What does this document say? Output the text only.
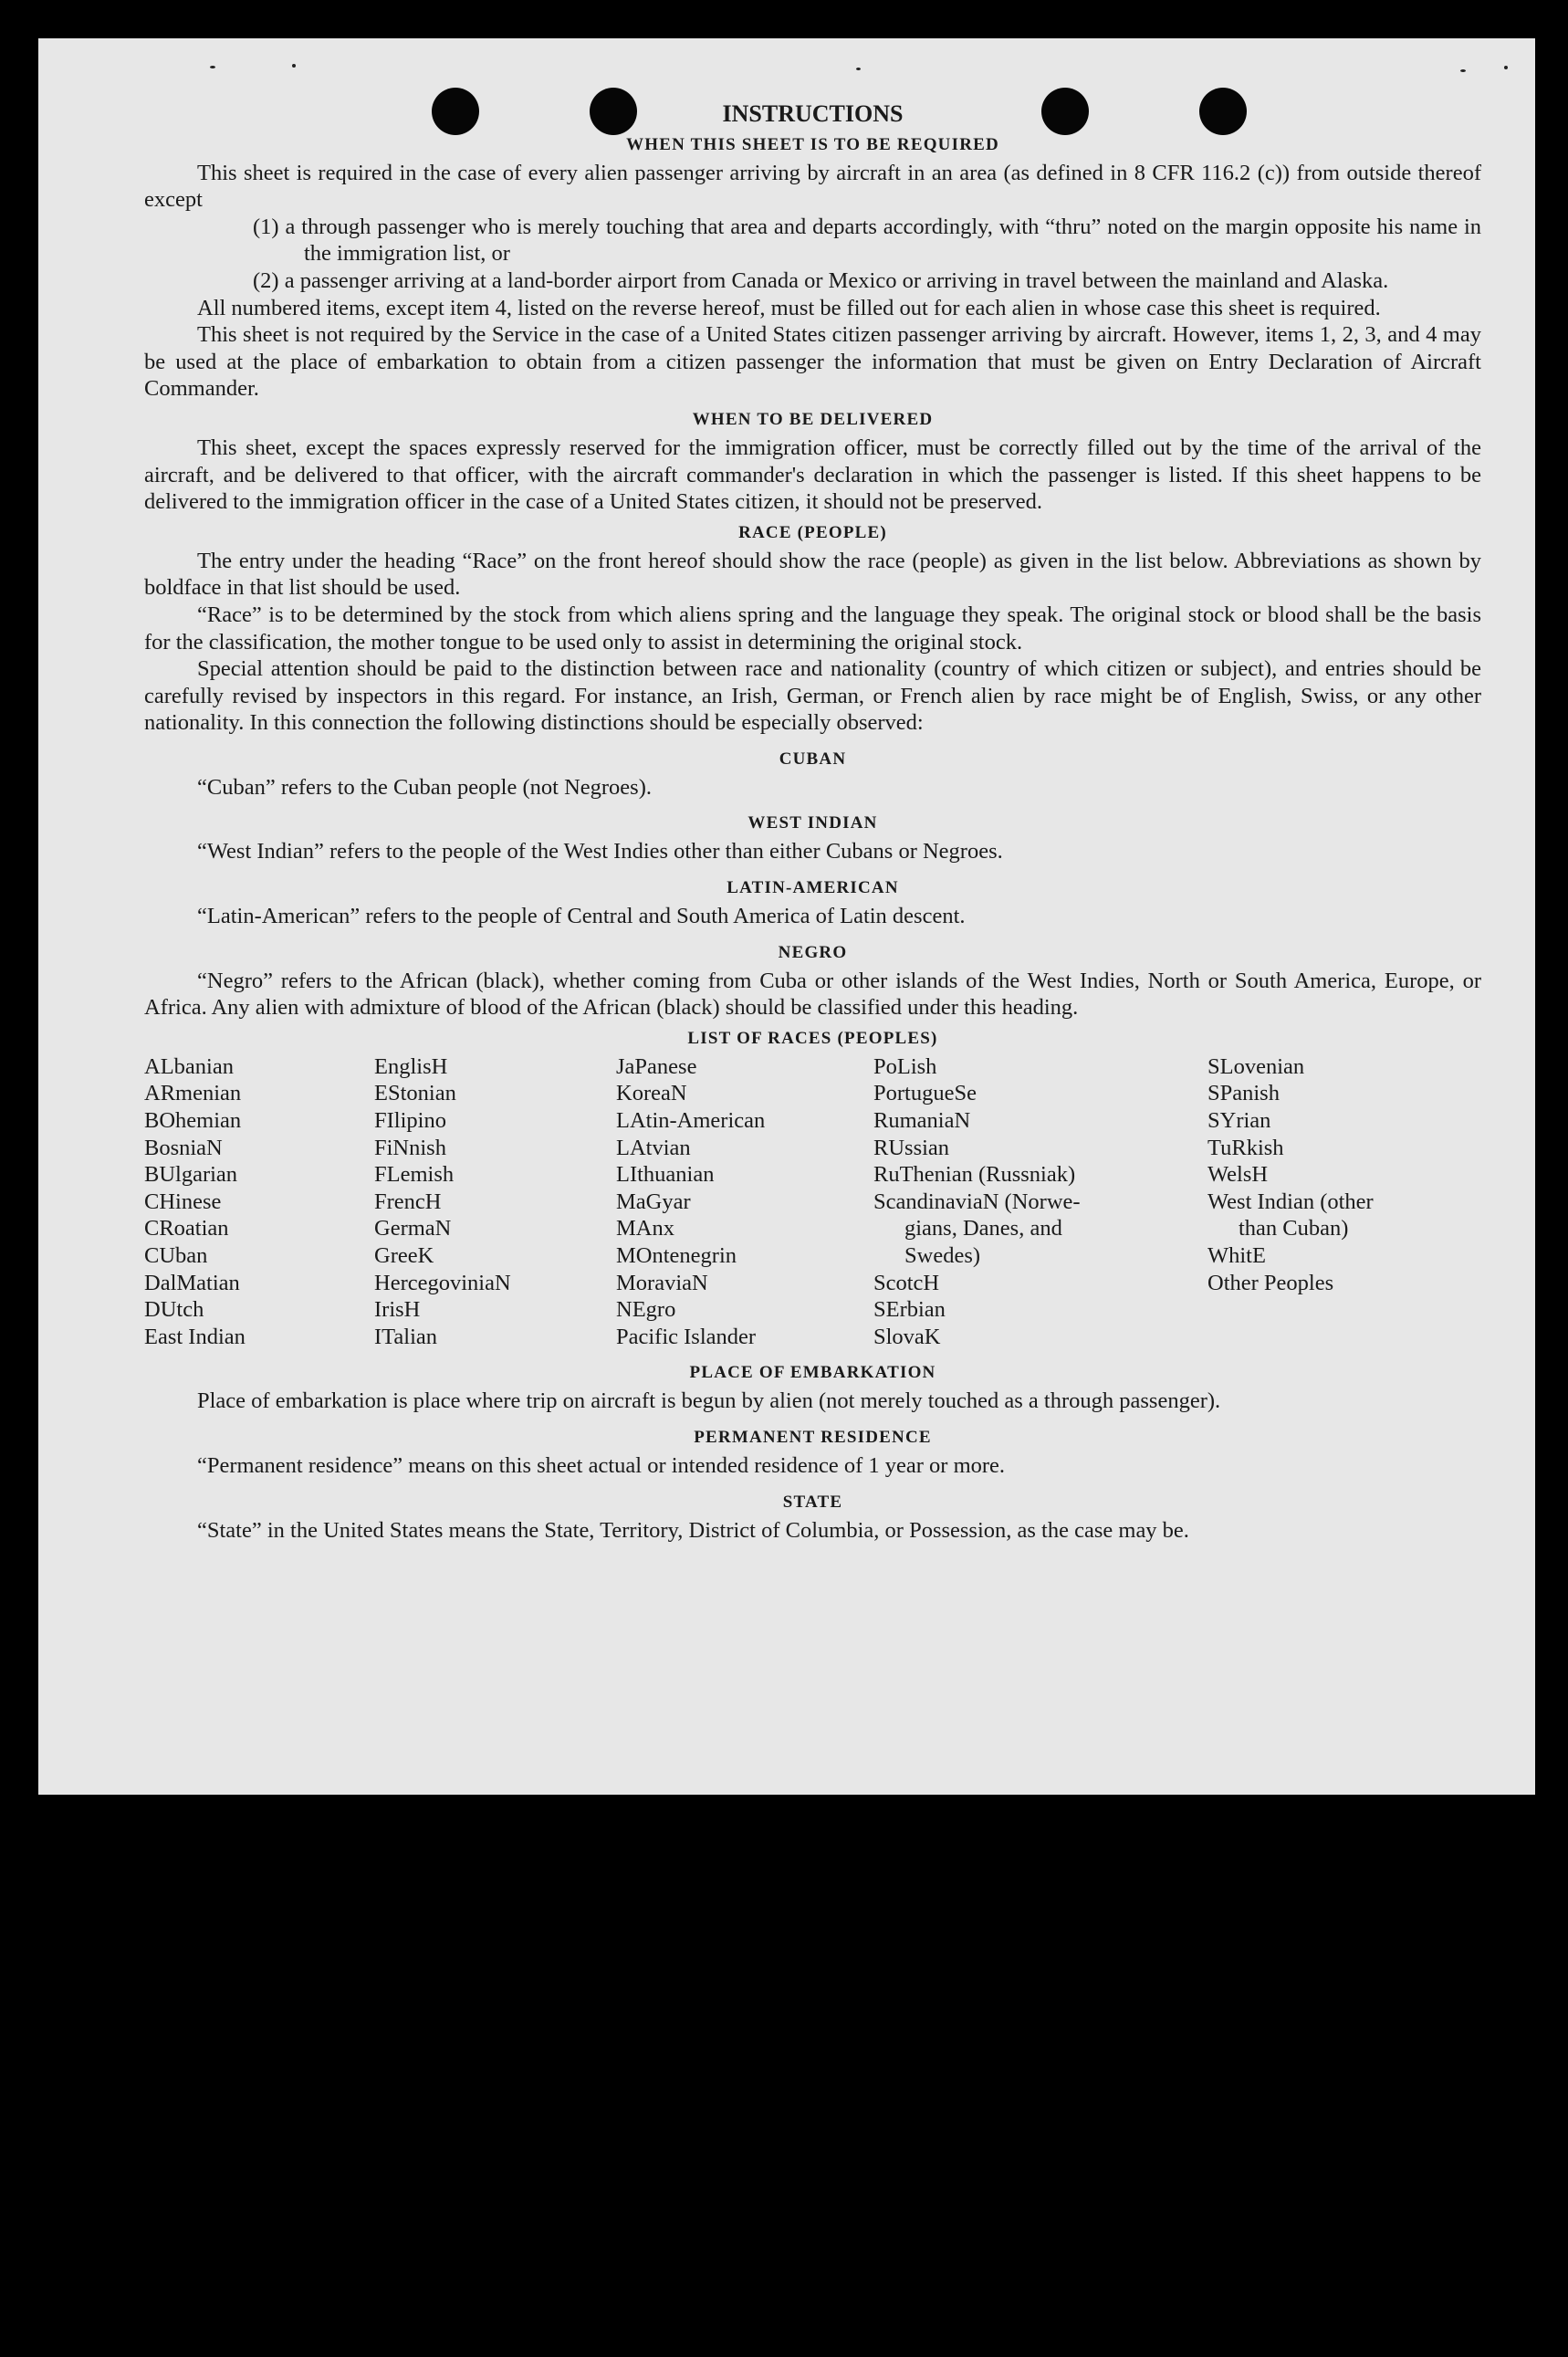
INSTRUCTIONS
WHEN THIS SHEET IS TO BE REQUIRED

This sheet is required in the case of every alien passenger arriving by aircraft in an area (as defined in 8 CFR 116.2 (c)) from outside thereof except

(1) a through passenger who is merely touching that area and departs accordingly, with “thru” noted on the margin opposite his name in the immigration list, or

(2) a passenger arriving at a land-border airport from Canada or Mexico or arriving in travel between the mainland and Alaska.

All numbered items, except item 4, listed on the reverse hereof, must be filled out for each alien in whose case this sheet is required.

This sheet is not required by the Service in the case of a United States citizen passenger arriving by aircraft. However, items 1, 2, 3, and 4 may be used at the place of embarkation to obtain from a citizen passenger the information that must be given on Entry Declaration of Aircraft Commander.

WHEN TO BE DELIVERED

This sheet, except the spaces expressly reserved for the immigration officer, must be correctly filled out by the time of the arrival of the aircraft, and be delivered to that officer, with the aircraft commander's declaration in which the passenger is listed. If this sheet happens to be delivered to the immigration officer in the case of a United States citizen, it should not be preserved.

RACE (PEOPLE)

The entry under the heading “Race” on the front hereof should show the race (people) as given in the list below. Abbreviations as shown by boldface in that list should be used.

“Race” is to be determined by the stock from which aliens spring and the language they speak. The original stock or blood shall be the basis for the classification, the mother tongue to be used only to assist in determining the original stock.

Special attention should be paid to the distinction between race and nationality (country of which citizen or subject), and entries should be carefully revised by inspectors in this regard. For instance, an Irish, German, or French alien by race might be of English, Swiss, or any other nationality. In this connection the following distinctions should be especially observed:

CUBAN

“Cuban” refers to the Cuban people (not Negroes).

WEST INDIAN

“West Indian” refers to the people of the West Indies other than either Cubans or Negroes.

LATIN-AMERICAN

“Latin-American” refers to the people of Central and South America of Latin descent.

NEGRO

“Negro” refers to the African (black), whether coming from Cuba or other islands of the West Indies, North or South America, Europe, or Africa. Any alien with admixture of blood of the African (black) should be classified under this heading.

LIST OF RACES (PEOPLES)
ALbanian
ARmenian
BOhemian
BosniaN
BUlgarian
CHinese
CRoatian
CUban
DalMatian
DUtch
East Indian
EnglisH
EStonian
FIlipino
FiNnish
FLemish
FrencH
GermaN
GreeK
HercegoviniaN
IrisH
ITalian
JaPanese
KoreaN
LAtin-American
LAtvian
LIthuanian
MaGyar
MAnx
MOntenegrin
MoraviaN
NEgro
Pacific Islander
PoLish
PortugueSe
RumaniaN
RUssian
RuThenian (Russniak)
ScandinaviaN (Norwe-
gians, Danes, and
Swedes)
ScotcH
SErbian
SlovaK
SLovenian
SPanish
SYrian
TuRkish
WelsH
West Indian (other
than Cuban)
WhitE
Other Peoples
PLACE OF EMBARKATION

Place of embarkation is place where trip on aircraft is begun by alien (not merely touched as a through passenger).

PERMANENT RESIDENCE

“Permanent residence” means on this sheet actual or intended residence of 1 year or more.

STATE

“State” in the United States means the State, Territory, District of Columbia, or Possession, as the case may be.
